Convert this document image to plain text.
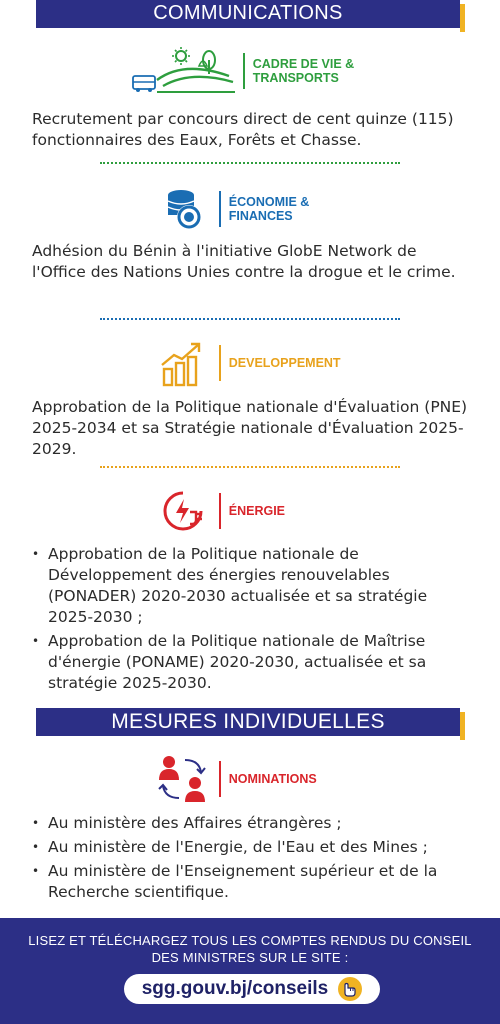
COMMUNICATIONS
CADRE DE VIE & TRANSPORTS
Recrutement par concours direct de cent quinze (115) fonctionnaires des Eaux, Forêts et Chasse.
ÉCONOMIE & FINANCES
Adhésion du Bénin à l'initiative GlobE Network de l'Office des Nations Unies contre la drogue et le crime.
DEVELOPPEMENT
Approbation de la Politique nationale d'Évaluation (PNE) 2025-2034 et sa Stratégie nationale d'Évaluation 2025-2029.
ÉNERGIE
• Approbation de la Politique nationale de Développement des énergies renouvelables (PONADER) 2020-2030 actualisée et sa stratégie 2025-2030 ;
• Approbation de la Politique nationale de Maîtrise d'énergie (PONAME) 2020-2030, actualisée et sa stratégie 2025-2030.
MESURES INDIVIDUELLES
NOMINATIONS
• Au ministère des Affaires étrangères ;
• Au ministère de l'Energie, de l'Eau et des Mines ;
• Au ministère de l'Enseignement supérieur et de la Recherche scientifique.
LISEZ ET TÉLÉCHARGEZ TOUS LES COMPTES RENDUS DU CONSEIL DES MINISTRES SUR LE SITE :
sgg.gouv.bj/conseils
